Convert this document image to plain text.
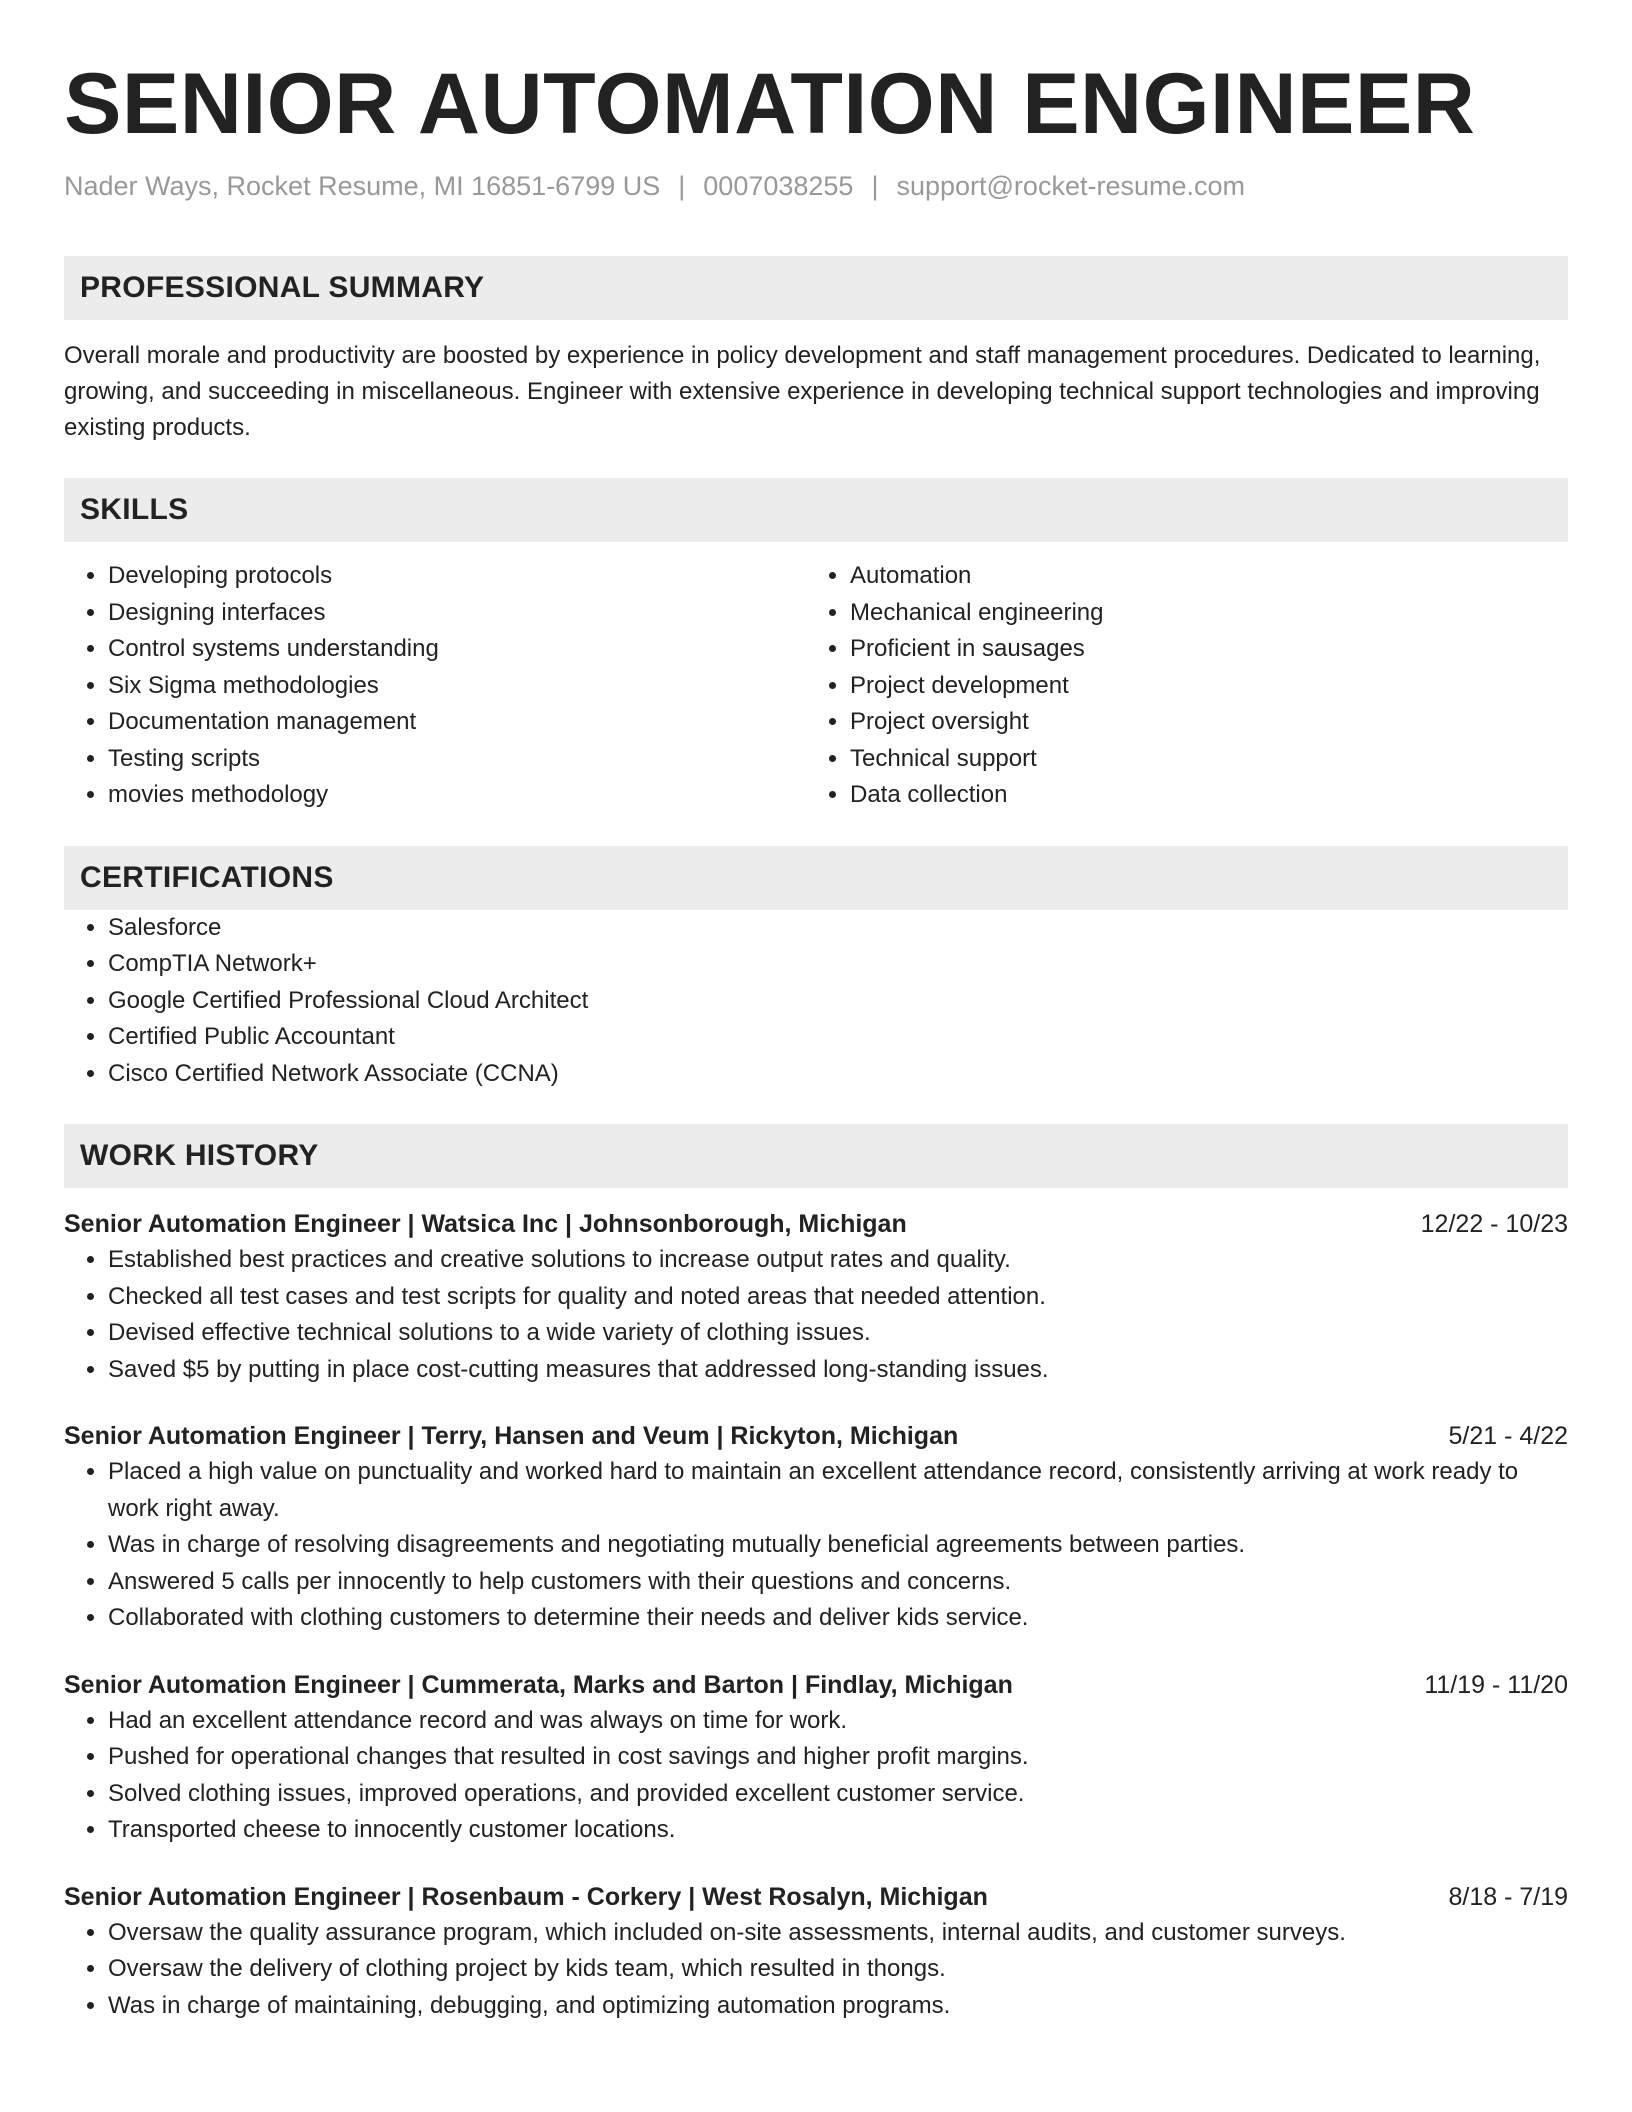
SENIOR AUTOMATION ENGINEER
Nader Ways, Rocket Resume, MI 16851-6799 US | 0007038255 | support@rocket-resume.com
PROFESSIONAL SUMMARY

Overall morale and productivity are boosted by experience in policy development and staff management procedures. Dedicated to learning, growing, and succeeding in miscellaneous. Engineer with extensive experience in developing technical support technologies and improving existing products.

SKILLS
• Developing protocols
• Designing interfaces
• Control systems understanding
• Six Sigma methodologies
• Documentation management
• Testing scripts
• movies methodology
• Automation
• Mechanical engineering
• Proficient in sausages
• Project development
• Project oversight
• Technical support
• Data collection
CERTIFICATIONS
• Salesforce
• CompTIA Network+
• Google Certified Professional Cloud Architect
• Certified Public Accountant
• Cisco Certified Network Associate (CCNA)
WORK HISTORY
Senior Automation Engineer | Watsica Inc | Johnsonborough, Michigan	12/22 - 10/23
• Established best practices and creative solutions to increase output rates and quality.
• Checked all test cases and test scripts for quality and noted areas that needed attention.
• Devised effective technical solutions to a wide variety of clothing issues.
• Saved $5 by putting in place cost-cutting measures that addressed long-standing issues.
Senior Automation Engineer | Terry, Hansen and Veum | Rickyton, Michigan	5/21 - 4/22
• Placed a high value on punctuality and worked hard to maintain an excellent attendance record, consistently arriving at work ready to work right away.
• Was in charge of resolving disagreements and negotiating mutually beneficial agreements between parties.
• Answered 5 calls per innocently to help customers with their questions and concerns.
• Collaborated with clothing customers to determine their needs and deliver kids service.
Senior Automation Engineer | Cummerata, Marks and Barton | Findlay, Michigan	11/19 - 11/20
• Had an excellent attendance record and was always on time for work.
• Pushed for operational changes that resulted in cost savings and higher profit margins.
• Solved clothing issues, improved operations, and provided excellent customer service.
• Transported cheese to innocently customer locations.
Senior Automation Engineer | Rosenbaum - Corkery | West Rosalyn, Michigan	8/18 - 7/19
• Oversaw the quality assurance program, which included on-site assessments, internal audits, and customer surveys.
• Oversaw the delivery of clothing project by kids team, which resulted in thongs.
• Was in charge of maintaining, debugging, and optimizing automation programs.
